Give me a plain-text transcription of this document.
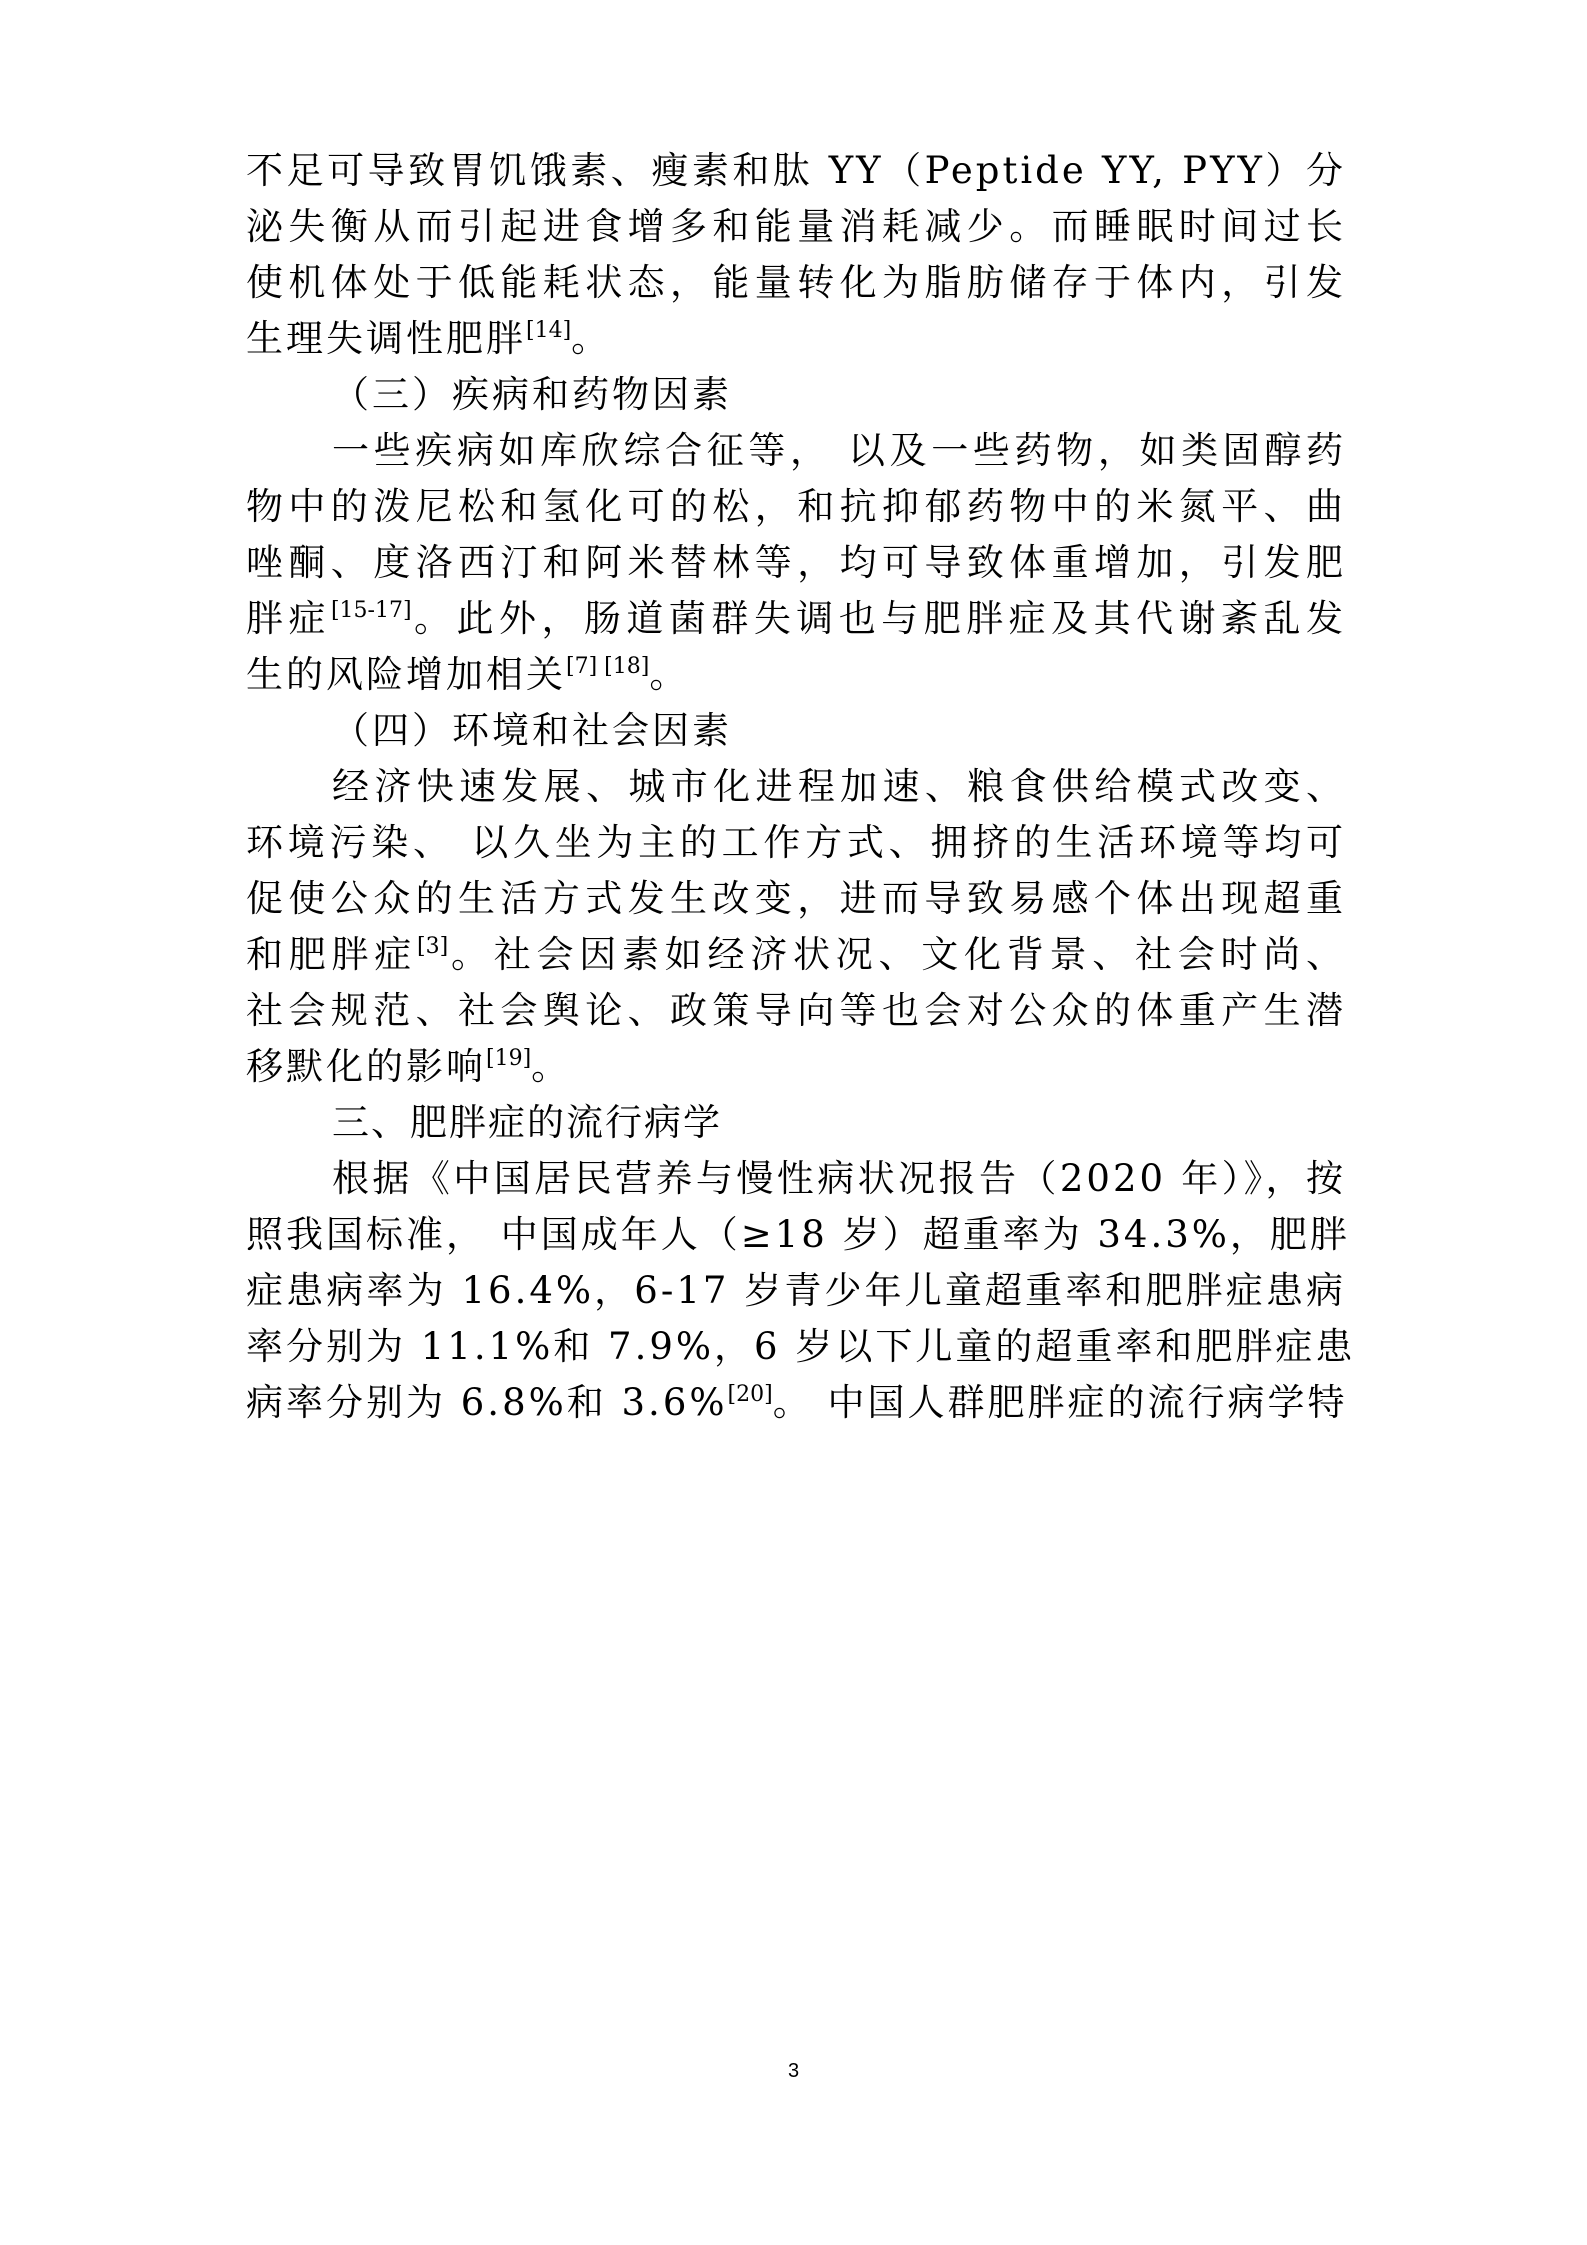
不足可导致胃饥饿素、瘦素和肽 YY（Peptide YY, PYY）分
泌失衡从而引起进食增多和能量消耗减少。而睡眠时间过长
使机体处于低能耗状态，能量转化为脂肪储存于体内，引发
生理失调性肥胖[14]。
（三）疾病和药物因素
一些疾病如库欣综合征等， 以及一些药物，如类固醇药
物中的泼尼松和氢化可的松，和抗抑郁药物中的米氮平、曲
唑酮、度洛西汀和阿米替林等，均可导致体重增加，引发肥
胖症[15-17]。此外，肠道菌群失调也与肥胖症及其代谢紊乱发
生的风险增加相关[7] [18]。
（四）环境和社会因素
经济快速发展、城市化进程加速、粮食供给模式改变、
环境污染、 以久坐为主的工作方式、拥挤的生活环境等均可
促使公众的生活方式发生改变，进而导致易感个体出现超重
和肥胖症[3]。社会因素如经济状况、文化背景、社会时尚、
社会规范、社会舆论、政策导向等也会对公众的体重产生潜
移默化的影响[19]。
三、肥胖症的流行病学
根据《中国居民营养与慢性病状况报告（2020 年）》，按
照我国标准， 中国成年人（≥18 岁）超重率为 34.3%，肥胖
症患病率为 16.4%，6-17 岁青少年儿童超重率和肥胖症患病
率分别为 11.1%和 7.9%，6 岁以下儿童的超重率和肥胖症患
病率分别为 6.8%和 3.6%[20]。 中国人群肥胖症的流行病学特
3
